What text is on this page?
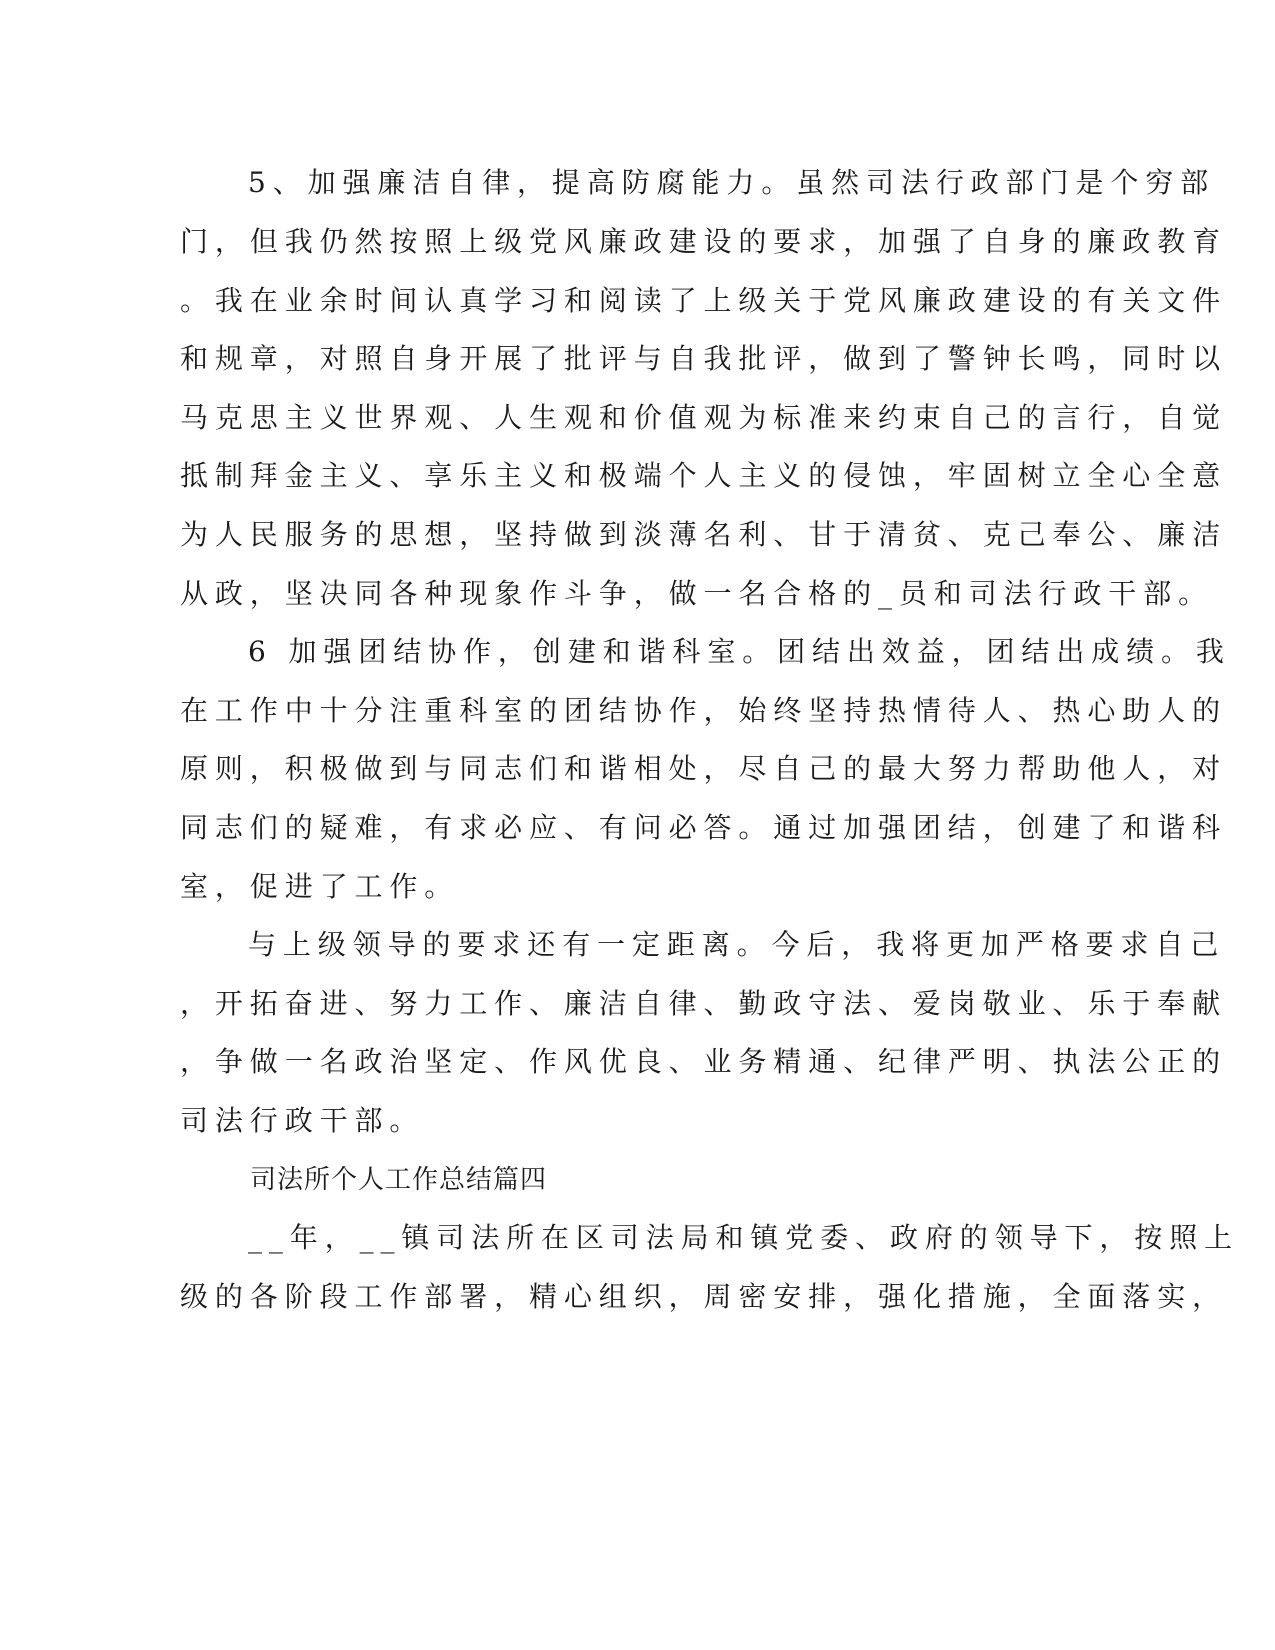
5、加强廉洁自律，提高防腐能力。虽然司法行政部门是个穷部
门，但我仍然按照上级党风廉政建设的要求，加强了自身的廉政教育
。我在业余时间认真学习和阅读了上级关于党风廉政建设的有关文件
和规章，对照自身开展了批评与自我批评，做到了警钟长鸣，同时以
马克思主义世界观、人生观和价值观为标准来约束自己的言行，自觉
抵制拜金主义、享乐主义和极端个人主义的侵蚀，牢固树立全心全意
为人民服务的思想，坚持做到淡薄名利、甘于清贫、克己奉公、廉洁
从政，坚决同各种现象作斗争，做一名合格的_员和司法行政干部。
6 加强团结协作，创建和谐科室。团结出效益，团结出成绩。我
在工作中十分注重科室的团结协作，始终坚持热情待人、热心助人的
原则，积极做到与同志们和谐相处，尽自己的最大努力帮助他人，对
同志们的疑难，有求必应、有问必答。通过加强团结，创建了和谐科
室，促进了工作。
与上级领导的要求还有一定距离。今后，我将更加严格要求自己
，开拓奋进、努力工作、廉洁自律、勤政守法、爱岗敬业、乐于奉献
，争做一名政治坚定、作风优良、业务精通、纪律严明、执法公正的
司法行政干部。
司法所个人工作总结篇四
__年，__镇司法所在区司法局和镇党委、政府的领导下，按照上
级的各阶段工作部署，精心组织，周密安排，强化措施，全面落实，
